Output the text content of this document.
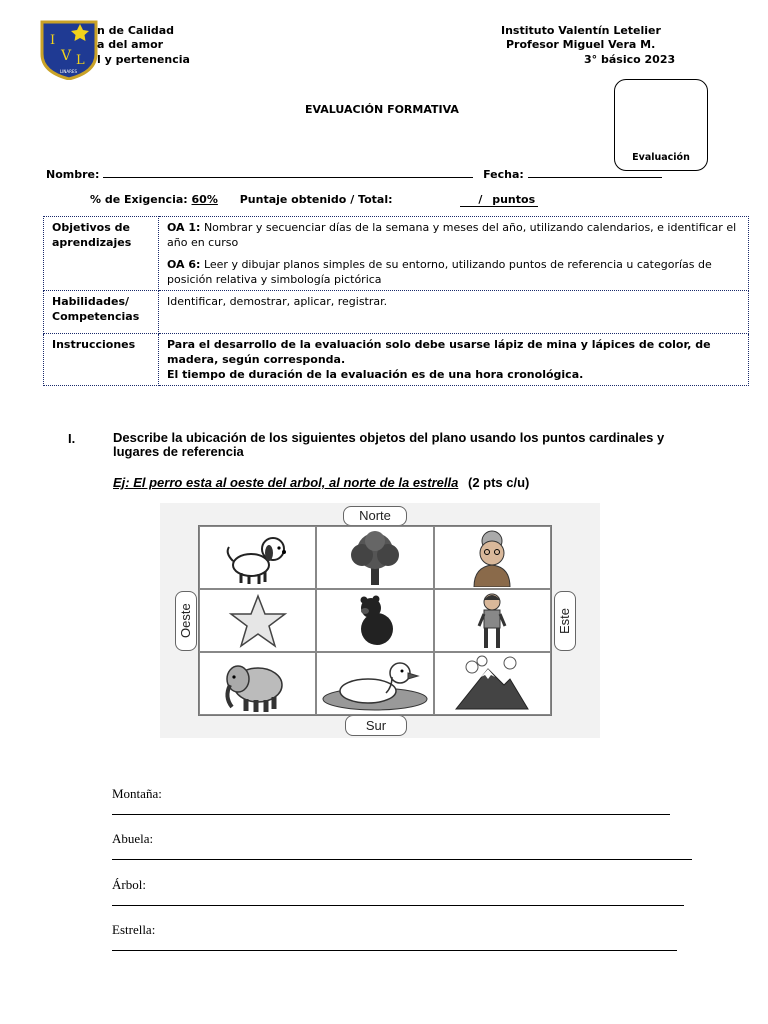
I
V L
LINARES
n de Calidad
a del amor
l y pertenencia
Instituto Valentín Letelier
Profesor Miguel Vera M.
3° básico 2023
EVALUACIÓN FORMATIVA
Evaluación
Nombre:	Fecha:
% de Exigencia: 60% Puntaje obtenido / Total:	/ puntos
Objetivos de aprendizajes	OA 1: Nombrar y secuenciar días de la semana y meses del año, utilizando calendarios, e identificar el año en curso
OA 6: Leer y dibujar planos simples de su entorno, utilizando puntos de referencia u categorías de posición relativa y simbología pictórica

Habilidades/ Competencias	Identificar, demostrar, aplicar, registrar.
Instrucciones	Para el desarrollo de la evaluación solo debe usarse lápiz de mina y lápices de color, de madera, según corresponda.
El tiempo de duración de la evaluación es de una hora cronológica.
I.	Describe la ubicación de los siguientes objetos del plano usando los puntos cardinales y lugares de referencia
Ej: El perro esta al oeste del arbol, al norte de la estrella (2 pts c/u)
Norte
Sur
Oeste	Este
Montaña:
Abuela:
Árbol:
Estrella:
